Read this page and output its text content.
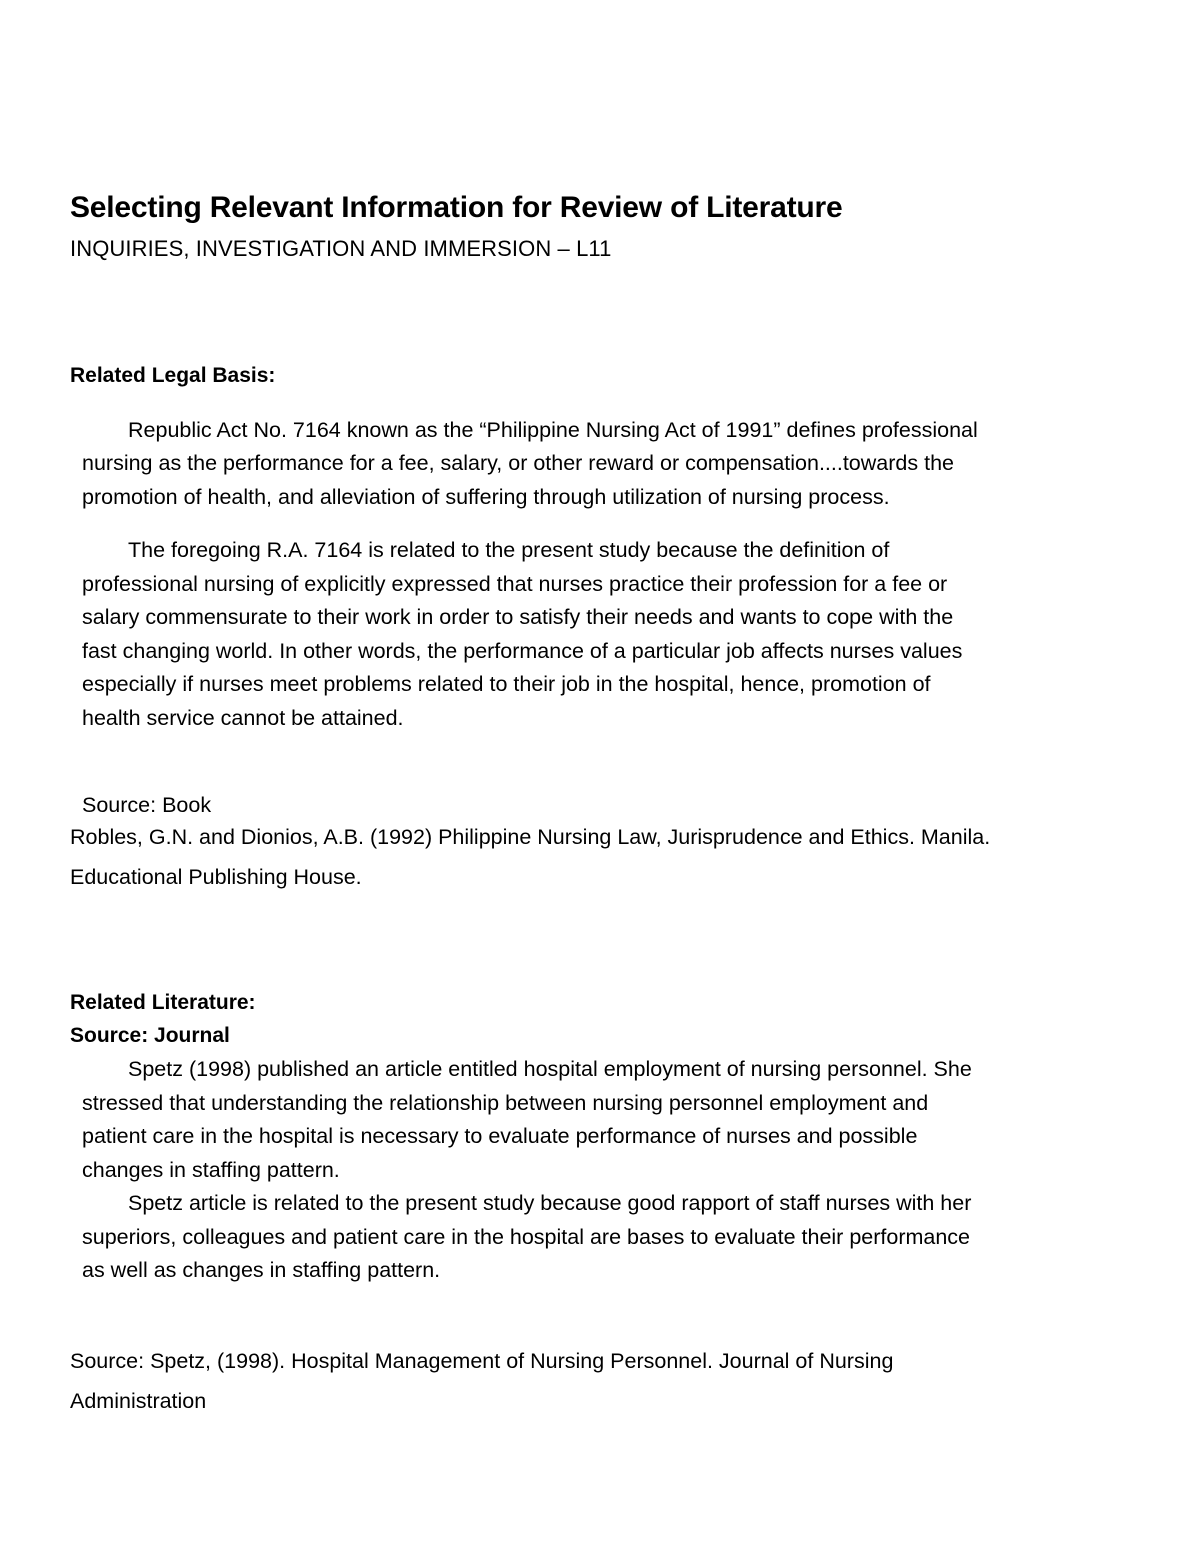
Selecting Relevant Information for Review of Literature
INQUIRIES, INVESTIGATION AND IMMERSION – L11
Related Legal Basis:
Republic Act No. 7164 known as the “Philippine Nursing Act of 1991” defines professional
nursing as the performance for a fee, salary, or other reward or compensation....towards the
promotion of health, and alleviation of suffering through utilization of nursing process.
The foregoing R.A. 7164 is related to the present study because the definition of
professional nursing of explicitly expressed that nurses practice their profession for a fee or
salary commensurate to their work in order to satisfy their needs and wants to cope with the
fast changing world. In other words, the performance of a particular job affects nurses values
especially if nurses meet problems related to their job in the hospital, hence, promotion of
health service cannot be attained.
Source: Book
Robles, G.N. and Dionios, A.B. (1992) Philippine Nursing Law, Jurisprudence and Ethics. Manila.
Educational Publishing House.
Related Literature:
Source: Journal
Spetz (1998) published an article entitled hospital employment of nursing personnel. She
stressed that understanding the relationship between nursing personnel employment and
patient care in the hospital is necessary to evaluate performance of nurses and possible
changes in staffing pattern.
Spetz article is related to the present study because good rapport of staff nurses with her
superiors, colleagues and patient care in the hospital are bases to evaluate their performance
as well as changes in staffing pattern.
Source: Spetz, (1998). Hospital Management of Nursing Personnel. Journal of Nursing
Administration
